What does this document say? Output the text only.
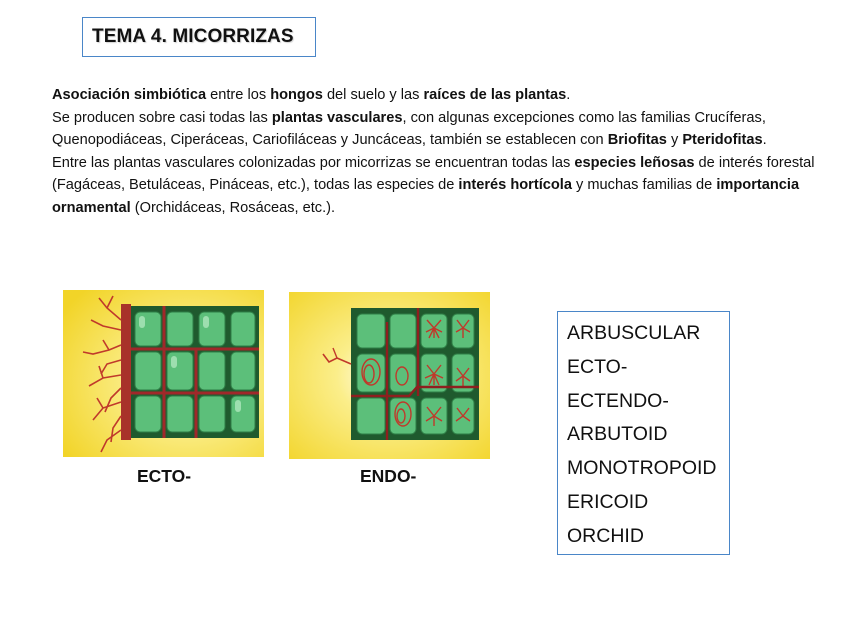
TEMA 4. MICORRIZAS

Asociación simbiótica entre los hongos del suelo y las raíces de las plantas.

Se producen sobre casi todas las plantas vasculares, con algunas excepciones como las familias Crucíferas, Quenopodiáceas, Ciperáceas, Cariofiláceas y Juncáceas, también se establecen con Briofitas y Pteridofitas.

Entre las plantas vasculares colonizadas por micorrizas se encuentran todas las especies leñosas de interés forestal (Fagáceas, Betuláceas, Pináceas, etc.), todas las especies de interés hortícola y muchas familias de importancia ornamental (Orchidáceas, Rosáceas, etc.).

ECTO-	ENDO-
ARBUSCULAR
ECTO-
ECTENDO-
ARBUTOID
MONOTROPOID
ERICOID
ORCHID
